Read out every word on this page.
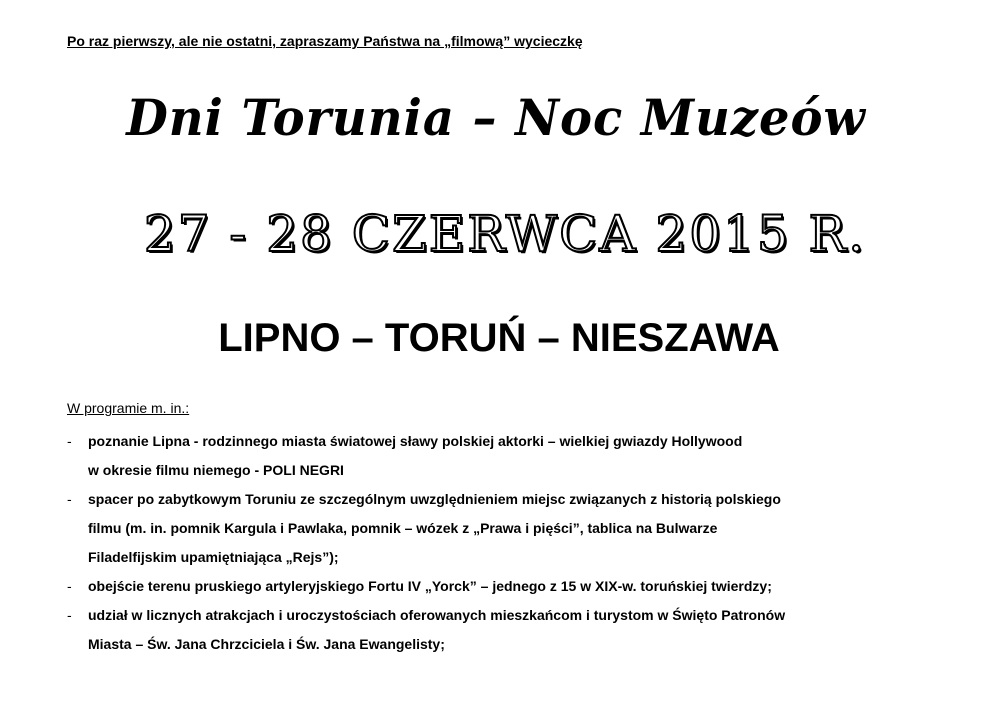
Po raz pierwszy, ale nie ostatni, zapraszamy Państwa na „filmową” wycieczkę
Dni Torunia – Noc Muzeów
27 - 28 CZERWCA 2015 R.
LIPNO – TORUŃ – NIESZAWA
W programie m. in.:
- poznanie Lipna - rodzinnego miasta światowej sławy polskiej aktorki – wielkiej gwiazdy Hollywood
w okresie filmu niemego - POLI NEGRI
- spacer po zabytkowym Toruniu ze szczególnym uwzględnieniem miejsc związanych z historią polskiego
filmu (m. in. pomnik Kargula i Pawlaka, pomnik – wózek z „Prawa i pięści”, tablica na Bulwarze
Filadelfijskim upamiętniająca „Rejs”);
- obejście terenu pruskiego artyleryjskiego Fortu IV „Yorck” – jednego z 15 w XIX-w. toruńskiej twierdzy;
- udział w licznych atrakcjach i uroczystościach oferowanych mieszkańcom i turystom w Święto Patronów
Miasta – Św. Jana Chrzciciela i Św. Jana Ewangelisty;
